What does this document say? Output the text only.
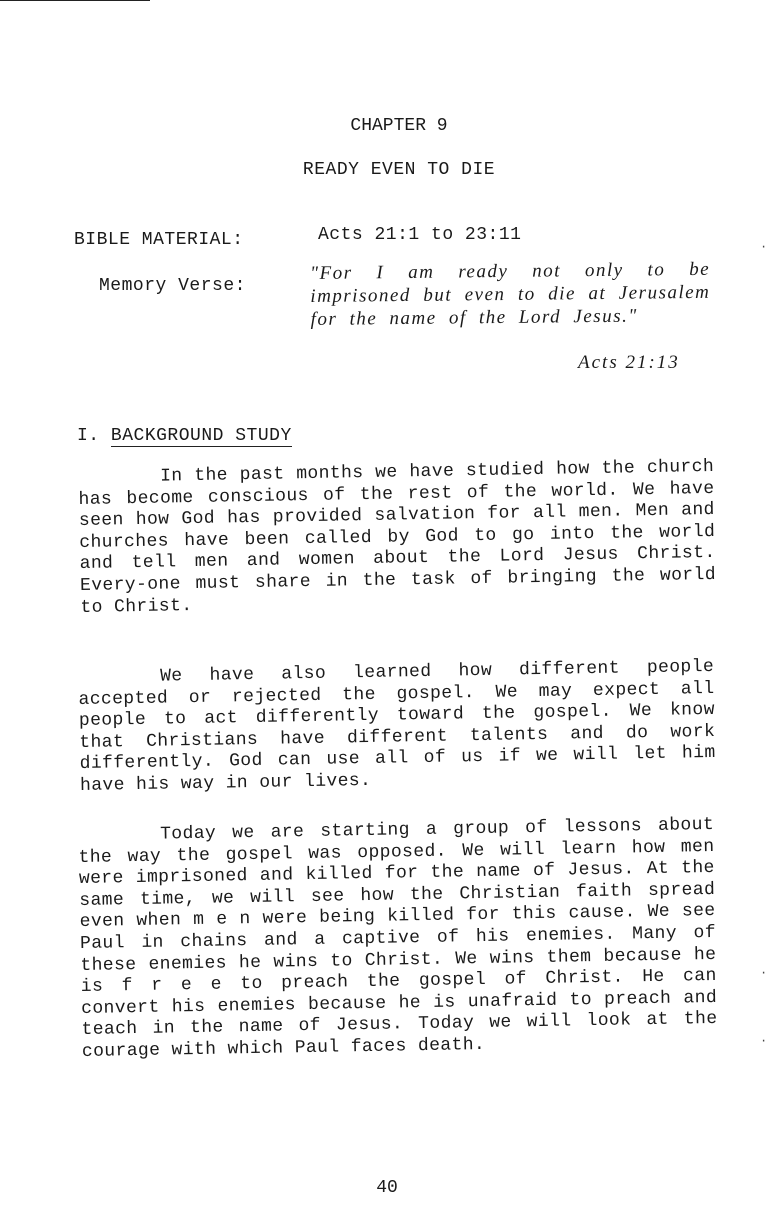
CHAPTER 9
READY EVEN TO DIE
BIBLE MATERIAL:	Acts 21:1 to 23:11
Memory Verse:
"For I am ready not only to be imprisoned but even to die at Jerusalem for the name of the Lord Jesus."
Acts 21:13
I. BACKGROUND STUDY

In the past months we have studied how the church has become conscious of the rest of the world. We have seen how God has provided salvation for all men. Men and churches have been called by God to go into the world and tell men and women about the Lord Jesus Christ. Every-one must share in the task of bringing the world to Christ.

We have also learned how different people accepted or rejected the gospel. We may expect all people to act differently toward the gospel. We know that Christians have different talents and do work differently. God can use all of us if we will let him have his way in our lives.

Today we are starting a group of lessons about the way the gospel was opposed. We will learn how men were imprisoned and killed for the name of Jesus. At the same time, we will see how the Christian faith spread even when m e n were being killed for this cause. We see Paul in chains and a captive of his enemies. Many of these enemies he wins to Christ. We wins them because he is f r e e to preach the gospel of Christ. He can convert his enemies because he is unafraid to preach and teach in the name of Jesus. Today we will look at the courage with which Paul faces death.

40
·
·
·
